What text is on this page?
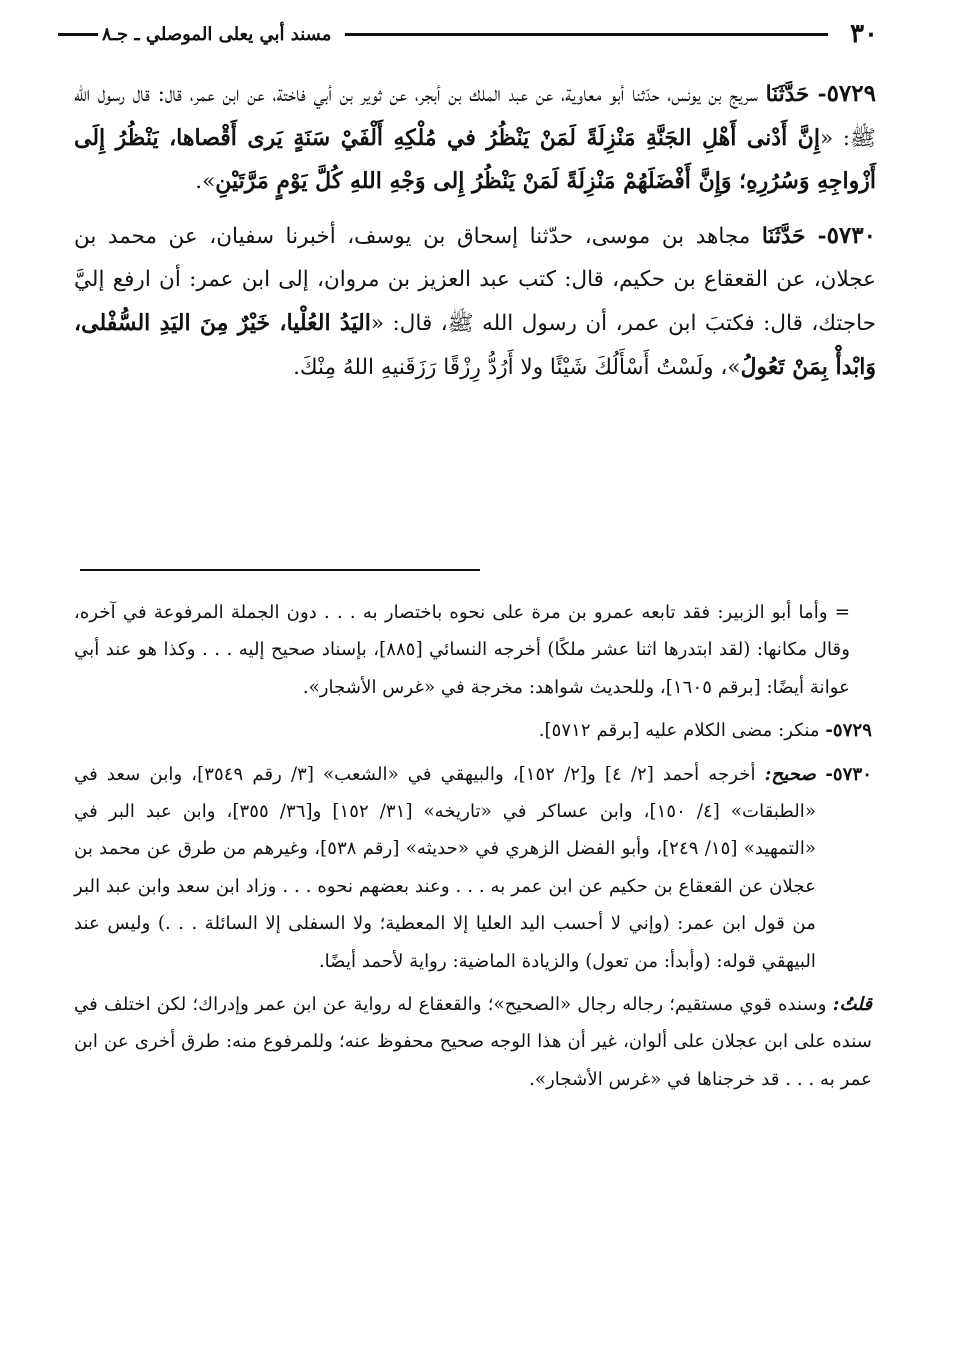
٣٠
مسند أبي يعلى الموصلي ـ جـ٨

٥٧٢٩- حَدَّثَنَا سريج بن يونس، حدّثنا أبو معاوية، عن عبد الملك بن أبجر، عن ثوير بن أبي فاختة، عن ابن عمر، قال: قال رسول الله ﷺ: «إِنَّ أَدْنى أَهْلِ الجَنَّةِ مَنْزِلَةً لَمَنْ يَنْظُرُ في مُلْكِهِ أَلْفَيْ سَنَةٍ يَرى أَقْصاها، يَنْظُرُ إِلَى أَزْواجِهِ وَسُرُرِهِ؛ وَإِنَّ أَفْضَلَهُمْ مَنْزِلَةً لَمَنْ يَنْظُرُ إِلى وَجْهِ اللهِ كُلَّ يَوْمٍ مَرَّتَيْنِ».

٥٧٣٠- حَدَّثَنَا مجاهد بن موسى، حدّثنا إسحاق بن يوسف، أخبرنا سفيان، عن محمد بن عجلان، عن القعقاع بن حكيم، قال: كتب عبد العزيز بن مروان، إلى ابن عمر: أن ارفع إليَّ حاجتك، قال: فكتبَ ابن عمر، أن رسول الله ﷺ، قال: «اليَدُ العُلْيا، خَيْرٌ مِنَ اليَدِ السُّفْلى، وَابْدأْ بِمَنْ تَعُولُ»، ولَسْتُ أَسْأَلُكَ شَيْئًا ولا أَرُدُّ رِزْقًا رَزَقَنيهِ اللهُ مِنْكَ.

= وأما أبو الزبير: فقد تابعه عمرو بن مرة على نحوه باختصار به . . . دون الجملة المرفوعة في آخره، وقال مكانها: (لقد ابتدرها اثنا عشر ملكًا) أخرجه النسائي [٨٨٥]، بإسناد صحيح إليه . . . وكذا هو عند أبي عوانة أيضًا: [برقم ١٦٠٥]، وللحديث شواهد: مخرجة في «غرس الأشجار».

٥٧٢٩- منكر: مضى الكلام عليه [برقم ٥٧١٢].

٥٧٣٠- صحيح: أخرجه أحمد [٢/ ٤] و[٢/ ١٥٢]، والبيهقي في «الشعب» [٣/ رقم ٣٥٤٩]، وابن سعد في «الطبقات» [٤/ ١٥٠]، وابن عساكر في «تاريخه» [٣١/ ١٥٢] و[٣٦/ ٣٥٥]، وابن عبد البر في «التمهيد» [١٥/ ٢٤٩]، وأبو الفضل الزهري في «حديثه» [رقم ٥٣٨]، وغيرهم من طرق عن محمد بن عجلان عن القعقاع بن حكيم عن ابن عمر به . . . وعند بعضهم نحوه . . . وزاد ابن سعد وابن عبد البر من قول ابن عمر: (وإني لا أحسب اليد العليا إلا المعطية؛ ولا السفلى إلا السائلة . . .) وليس عند البيهقي قوله: (وأبدأ: من تعول) والزيادة الماضية: رواية لأحمد أيضًا.

قلتُ: وسنده قوي مستقيم؛ رجاله رجال «الصحيح»؛ والقعقاع له رواية عن ابن عمر وإدراك؛ لكن اختلف في سنده على ابن عجلان على ألوان، غير أن هذا الوجه صحيح محفوظ عنه؛ وللمرفوع منه: طرق أخرى عن ابن عمر به . . . قد خرجناها في «غرس الأشجار».
